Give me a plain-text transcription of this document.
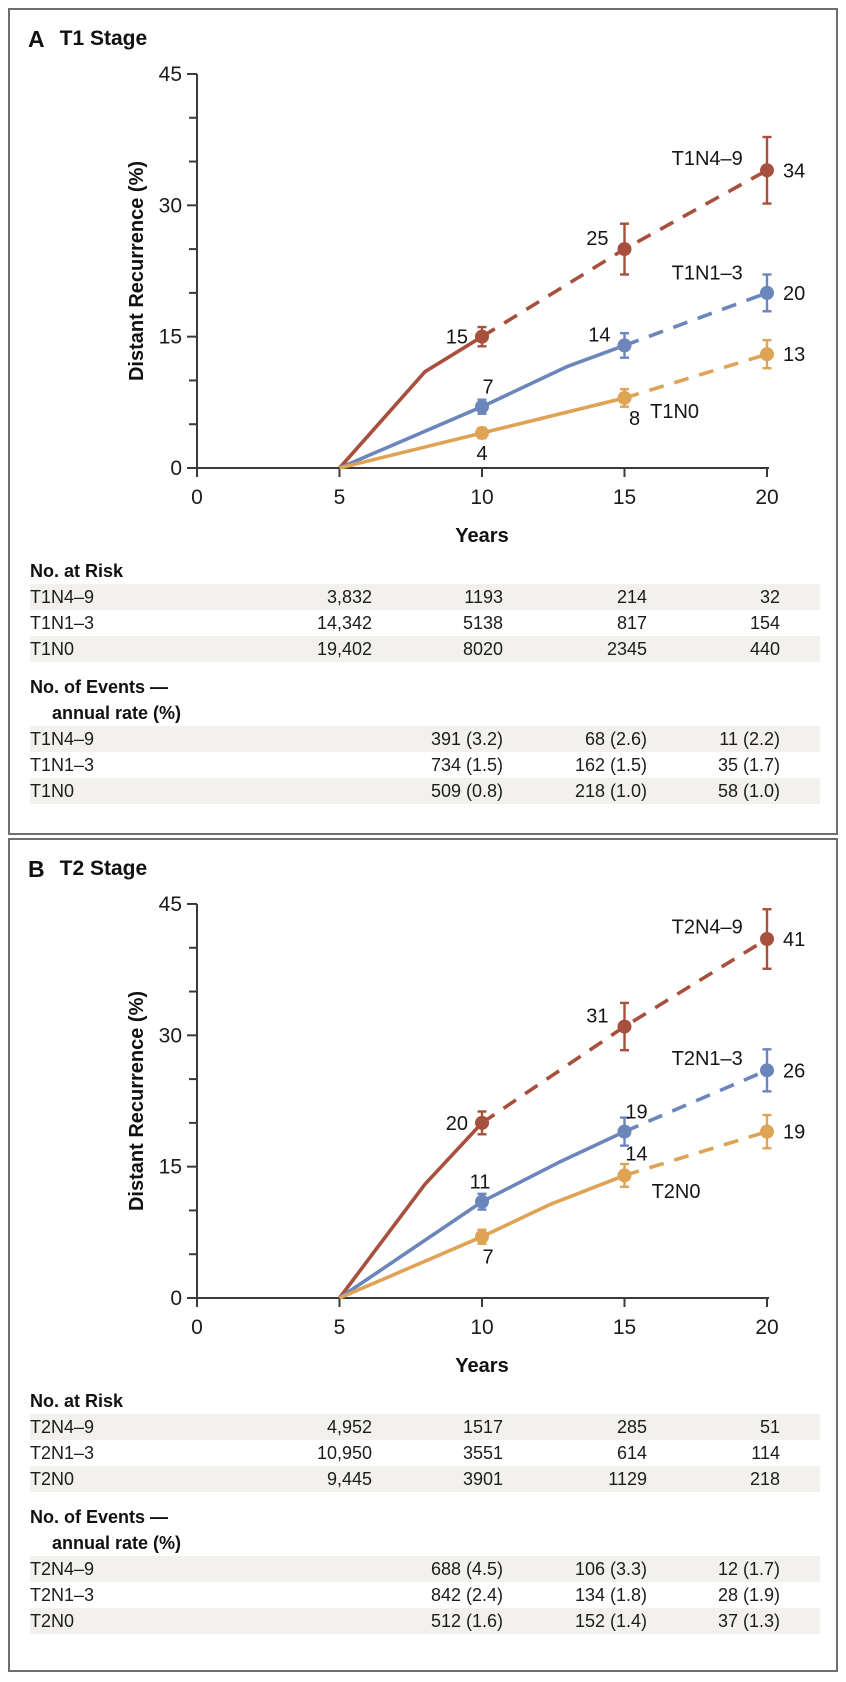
A T1 Stage
0
15
30
45
0	5	10	15	20
Distant Recurrence (%)
Years
15
25
34
T1N4–9
7
14
20
T1N1–3
4
8
13
T1N0
No. at Risk
T1N4–9	3,832	1193	214	32
T1N1–3	14,342	5138	817	154
T1N0	19,402	8020	2345	440
No. of Events —
annual rate (%)
T1N4–9	391 (3.2)	68 (2.6)	11 (2.2)
T1N1–3	734 (1.5)	162 (1.5)	35 (1.7)
T1N0	509 (0.8)	218 (1.0)	58 (1.0)
B T2 Stage
0
15
30
45
0	5	10	15	20
Distant Recurrence (%)
Years
20
31
41
T2N4–9
11
19
26
T2N1–3
7
14
19
T2N0
No. at Risk
T2N4–9	4,952	1517	285	51
T2N1–3	10,950	3551	614	114
T2N0	9,445	3901	1129	218
No. of Events —
annual rate (%)
T2N4–9	688 (4.5)	106 (3.3)	12 (1.7)
T2N1–3	842 (2.4)	134 (1.8)	28 (1.9)
T2N0	512 (1.6)	152 (1.4)	37 (1.3)
